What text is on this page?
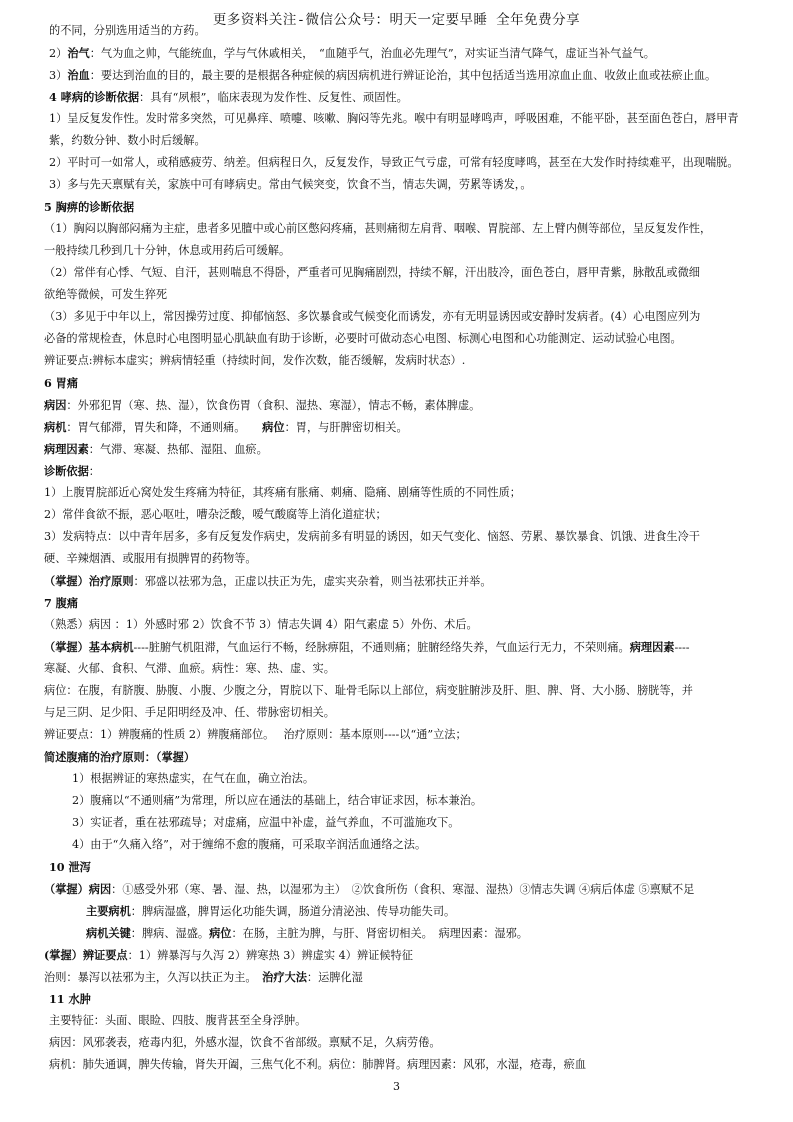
更多资料关注-微信公众号：明天一定要早睡 全年免费分享
的不同，分别选用适当的方药。
2）治气：气为血之帅，气能统血，学与气休戚相关，　“血随乎气，治血必先理气”，对实证当清气降气，虚证当补气益气。
3）治血：要达到治血的目的，最主要的是根据各种症候的病因病机进行辨证论治，其中包括适当选用凉血止血、收敛止血或祛瘀止血。
4 哮病的诊断依据：具有“夙根”，临床表现为发作性、反复性、顽固性。
1）呈反复发作性。发时常多突然，可见鼻痒、喷嚏、咳嗽、胸闷等先兆。喉中有明显哮鸣声，呼吸困难，不能平卧，甚至面色苍白，唇甲青
紫，约数分钟、数小时后缓解。
2）平时可一如常人，或稍感疲劳、纳差。但病程日久，反复发作，导致正气亏虚，可常有轻度哮鸣，甚至在大发作时持续难平，出现喘脱。
3）多与先天禀赋有关，家族中可有哮病史。常由气候突变，饮食不当，情志失调，劳累等诱发，。
5 胸痹的诊断依据
（1）胸闷以胸部闷痛为主症，患者多见膻中或心前区憋闷疼痛，甚则痛彻左肩背、咽喉、胃脘部、左上臂内侧等部位，呈反复发作性，
一般持续几秒到几十分钟，休息或用药后可缓解。
（2）常伴有心悸、气短、自汗，甚则喘息不得卧，严重者可见胸痛剧烈，持续不解，汗出肢冷，面色苍白，唇甲青紫，脉散乱或微细
欲绝等微候，可发生猝死
（3）多见于中年以上，常因操劳过度、抑郁恼怒、多饮暴食或气候变化而诱发，亦有无明显诱因或安静时发病者。(4）心电图应列为
必备的常规检查，休息时心电图明显心肌缺血有助于诊断，必要时可做动态心电图、标测心电图和心功能测定、运动试验心电图。
辨证要点:辨标本虚实；辨病情轻重（持续时间，发作次数，能否缓解，发病时状态）.
6 胃痛
病因：外邪犯胃（寒、热、湿），饮食伤胃（食积、湿热、寒湿），情志不畅，素体脾虚。
病机：胃气郁滞，胃失和降，不通则痛。　　病位：胃，与肝脾密切相关。
病理因素：气滞、寒凝、热郁、湿阻、血瘀。
诊断依据：
1）上腹胃脘部近心窝处发生疼痛为特征，其疼痛有胀痛、刺痛、隐痛、剧痛等性质的不同性质；
2）常伴食欲不振，恶心呕吐，嘈杂泛酸，嗳气酸腐等上消化道症状；
3）发病特点：以中青年居多，多有反复发作病史，发病前多有明显的诱因，如天气变化、恼怒、劳累、暴饮暴食、饥饿、进食生冷干
硬、辛辣烟酒、或服用有损脾胃的药物等。
（掌握）治疗原则：邪盛以祛邪为急，正虚以扶正为先，虚实夹杂着，则当祛邪扶正并举。
7 腹痛
（熟悉）病因 ：1）外感时邪 2）饮食不节 3）情志失调 4）阳气素虚 5）外伤、术后。
（掌握）基本病机----脏腑气机阻滞，气血运行不畅，经脉痹阻，不通则痛；脏腑经络失养，气血运行无力，不荣则痛。病理因素----
寒凝、火郁、食积、气滞、血瘀。病性：寒、热、虚、实。
病位：在腹，有脐腹、胁腹、小腹、少腹之分，胃脘以下、耻骨毛际以上部位，病变脏腑涉及肝、胆、脾、肾、大小肠、膀胱等，并
与足三阴、足少阳、手足阳明经及冲、任、带脉密切相关。
辨证要点：1）辨腹痛的性质 2）辨腹痛部位。　 治疗原则：基本原则----以“通”立法；
简述腹痛的治疗原则：（掌握）
1）根据辨证的寒热虚实，在气在血，确立治法。
2）腹痛以“不通则痛”为常理，所以应在通法的基础上，结合审证求因，标本兼治。
3）实证者，重在祛邪疏导；对虚痛，应温中补虚，益气养血，不可滥施攻下。
4）由于“久痛入络”，对于缠绵不愈的腹痛，可采取辛润活血通络之法。
10 泄泻
（掌握）病因：①感受外邪（寒、暑、湿、热，以湿邪为主）　②饮食所伤（食积、寒湿、湿热）③情志失调 ④病后体虚 ⑤禀赋不足
主要病机：脾病湿盛，脾胃运化功能失调，肠道分清泌浊、传导功能失司。
病机关键：脾病、湿盛。病位：在肠，主脏为脾，与肝、肾密切相关。　病理因素：湿邪。
(掌握）辨证要点：1）辨暴泻与久泻 2）辨寒热 3）辨虚实 4）辨证候特征
治则：暴泻以祛邪为主，久泻以扶正为主。　治疗大法：运脾化湿
11 水肿
主要特征：头面、眼睑、四肢、腹背甚至全身浮肿。
病因：风邪袭表，疮毒内犯，外感水湿，饮食不省部级。禀赋不足，久病劳倦。
病机：肺失通调，脾失传输，肾失开阖，三焦气化不利。病位：肺脾肾。病理因素：风邪，水湿，疮毒，瘀血
3
